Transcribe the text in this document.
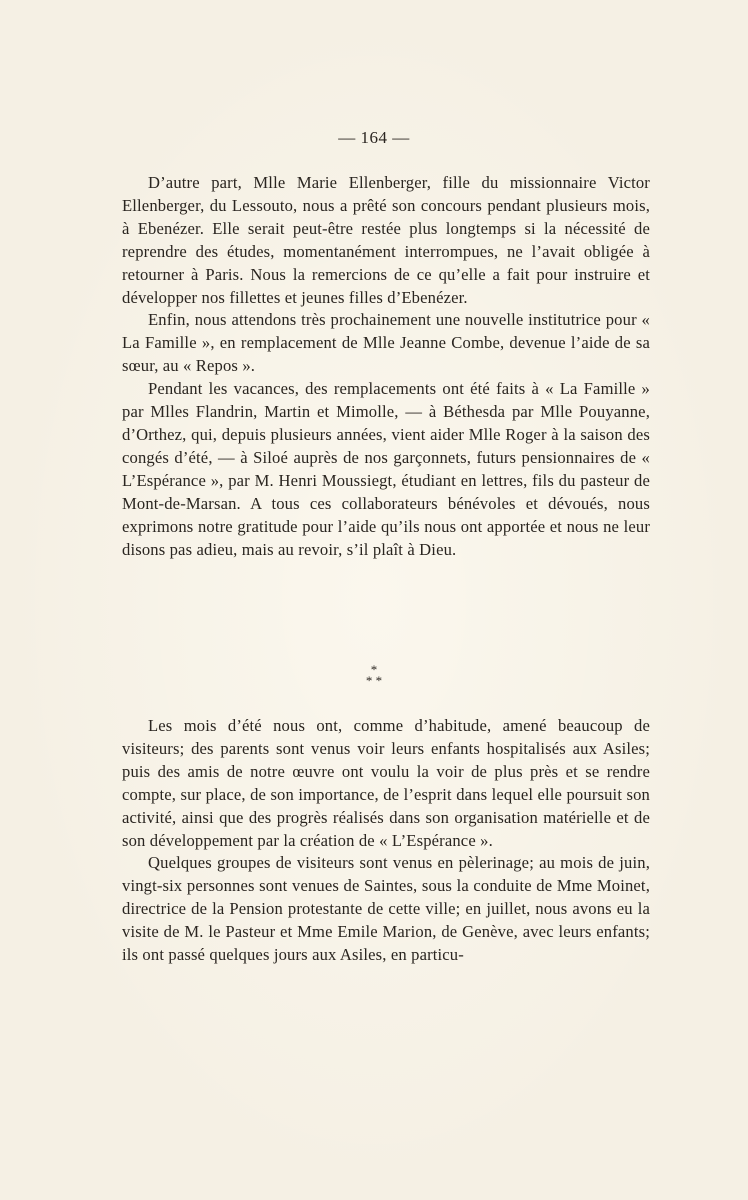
— 164 —

D’autre part, Mlle Marie Ellenberger, fille du missionnaire Victor Ellenberger, du Lessouto, nous a prêté son concours pendant plusieurs mois, à Ebenézer. Elle serait peut-être restée plus longtemps si la nécessité de reprendre des études, momentanément interrompues, ne l’avait obligée à retourner à Paris. Nous la remercions de ce qu’elle a fait pour instruire et développer nos fillettes et jeunes filles d’Ebenézer.

Enfin, nous attendons très prochainement une nouvelle institutrice pour « La Famille », en remplacement de Mlle Jeanne Combe, devenue l’aide de sa sœur, au « Repos ».

Pendant les vacances, des remplacements ont été faits à « La Famille » par Mlles Flandrin, Martin et Mimolle, — à Béthesda par Mlle Pouyanne, d’Orthez, qui, depuis plusieurs années, vient aider Mlle Roger à la saison des congés d’été, — à Siloé auprès de nos garçonnets, futurs pensionnaires de « L’Espérance », par M. Henri Moussiegt, étudiant en lettres, fils du pasteur de Mont-de-Marsan. A tous ces collaborateurs bénévoles et dévoués, nous exprimons notre gratitude pour l’aide qu’ils nous ont apportée et nous ne leur disons pas adieu, mais au revoir, s’il plaît à Dieu.

*
* *

Les mois d’été nous ont, comme d’habitude, amené beaucoup de visiteurs; des parents sont venus voir leurs enfants hospitalisés aux Asiles; puis des amis de notre œuvre ont voulu la voir de plus près et se rendre compte, sur place, de son importance, de l’esprit dans lequel elle poursuit son activité, ainsi que des progrès réalisés dans son organisation matérielle et de son développement par la création de « L’Espérance ».

Quelques groupes de visiteurs sont venus en pèlerinage; au mois de juin, vingt-six personnes sont venues de Saintes, sous la conduite de Mme Moinet, directrice de la Pension protestante de cette ville; en juillet, nous avons eu la visite de M. le Pasteur et Mme Emile Marion, de Genève, avec leurs enfants; ils ont passé quelques jours aux Asiles, en particu-
